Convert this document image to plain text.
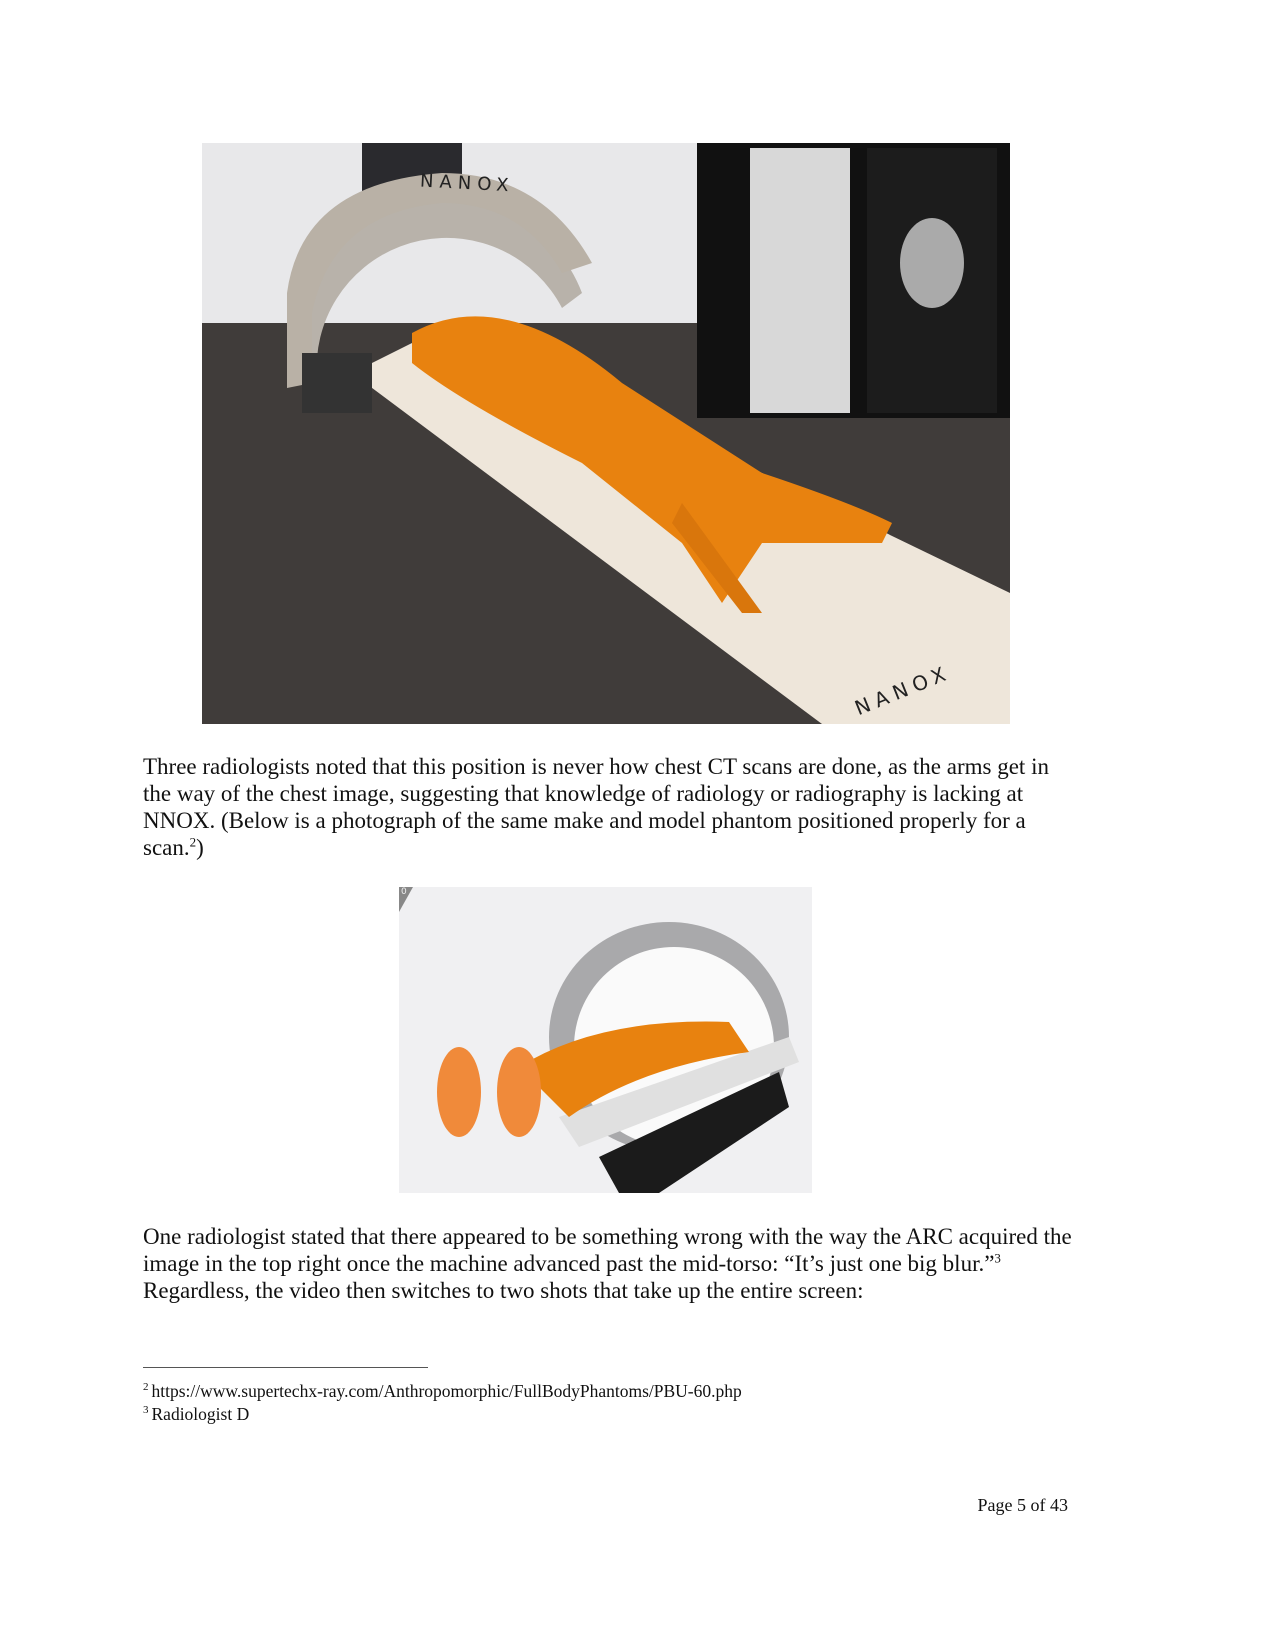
NANOX
NANOX

Three radiologists noted that this position is never how chest CT scans are done, as the arms get in the way of the chest image, suggesting that knowledge of radiology or radiography is lacking at NNOX. (Below is a photograph of the same make and model phantom positioned properly for a scan.$^2$)

0

One radiologist stated that there appeared to be something wrong with the way the ARC acquired the image in the top right once the machine advanced past the mid-torso: “It’s just one big blur.”$^3$ Regardless, the video then switches to two shots that take up the entire screen:

$^2$ https://www.supertechx-ray.com/Anthropomorphic/FullBodyPhantoms/PBU-60.php
$^3$ Radiologist D
Page 5 of 43
